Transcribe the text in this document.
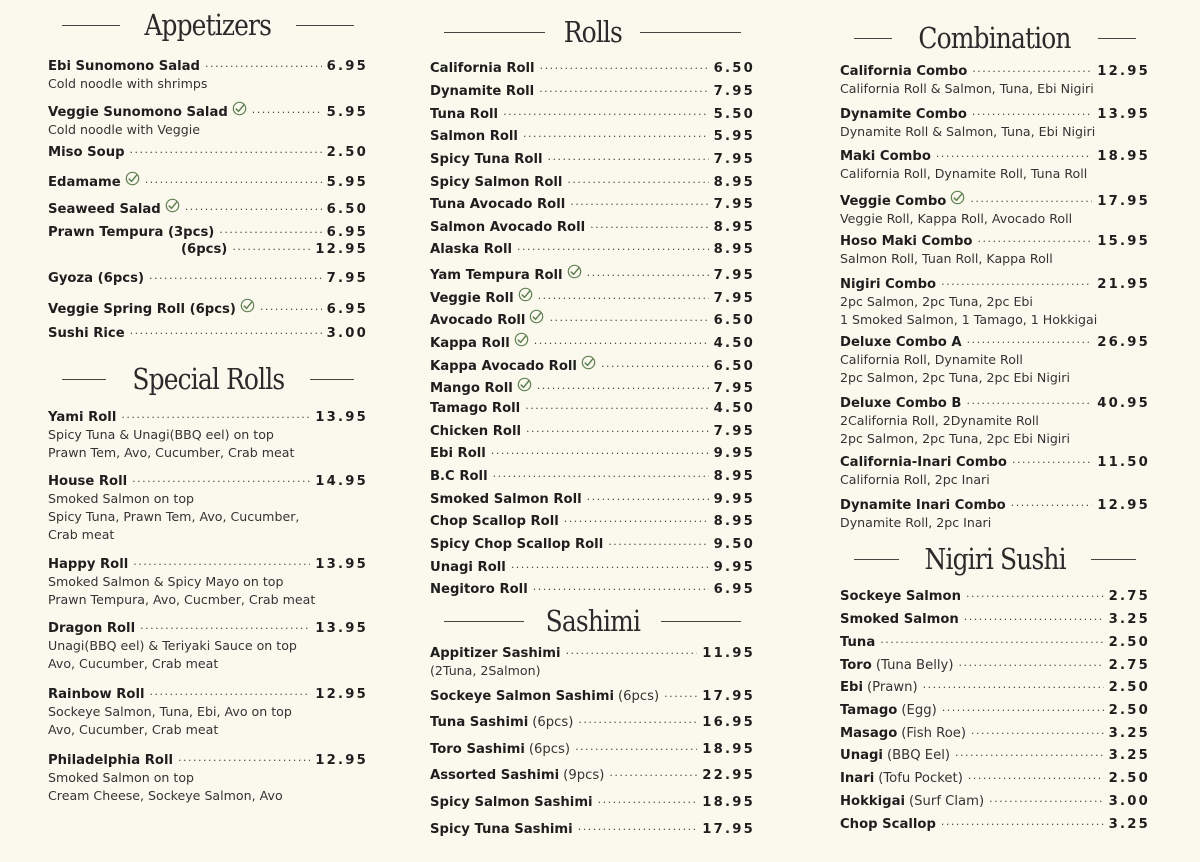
Appetizers
Ebi Sunomono Salad ·····	6.95
Cold noodle with shrimps
Veggie Sunomono Salad ·····	5.95
Cold noodle with Veggie
Miso Soup ·····	2.50
Edamame ·····	5.95
Seaweed Salad ·····	6.50
Prawn Tempura (3pcs) ·····	6.95
(6pcs) ·····	12.95
Gyoza (6pcs) ·····	7.95
Veggie Spring Roll (6pcs) ·····	6.95
Sushi Rice ·····	3.00
Special Rolls
Yami Roll ·····	13.95
Spicy Tuna & Unagi(BBQ eel) on top
Prawn Tem, Avo, Cucumber, Crab meat
House Roll ·····	14.95
Smoked Salmon on top
Spicy Tuna, Prawn Tem, Avo, Cucumber,
Crab meat
Happy Roll ·····	13.95
Smoked Salmon & Spicy Mayo on top
Prawn Tempura, Avo, Cucmber, Crab meat
Dragon Roll ·····	13.95
Unagi(BBQ eel) & Teriyaki Sauce on top
Avo, Cucumber, Crab meat
Rainbow Roll ·····	12.95
Sockeye Salmon, Tuna, Ebi, Avo on top
Avo, Cucumber, Crab meat
Philadelphia Roll ·····	12.95
Smoked Salmon on top
Cream Cheese, Sockeye Salmon, Avo
Rolls
California Roll ·····	6.50
Dynamite Roll ·····	7.95
Tuna Roll ·····	5.50
Salmon Roll ·····	5.95
Spicy Tuna Roll ·····	7.95
Spicy Salmon Roll ·····	8.95
Tuna Avocado Roll ·····	7.95
Salmon Avocado Roll ·····	8.95
Alaska Roll ·····	8.95
Yam Tempura Roll ·····	7.95
Veggie Roll ·····	7.95
Avocado Roll ·····	6.50
Kappa Roll ·····	4.50
Kappa Avocado Roll ·····	6.50
Mango Roll ·····	7.95
Tamago Roll ·····	4.50
Chicken Roll ·····	7.95
Ebi Roll ·····	9.95
B.C Roll ·····	8.95
Smoked Salmon Roll ·····	9.95
Chop Scallop Roll ·····	8.95
Spicy Chop Scallop Roll ·····	9.50
Unagi Roll ·····	9.95
Negitoro Roll ·····	6.95
Sashimi
Appitizer Sashimi ·····	11.95
(2Tuna, 2Salmon)
Sockeye Salmon Sashimi (6pcs) ·····	17.95
Tuna Sashimi (6pcs) ·····	16.95
Toro Sashimi (6pcs) ·····	18.95
Assorted Sashimi (9pcs) ·····	22.95
Spicy Salmon Sashimi ·····	18.95
Spicy Tuna Sashimi ·····	17.95
Combination
California Combo ·····	12.95
California Roll & Salmon, Tuna, Ebi Nigiri
Dynamite Combo ·····	13.95
Dynamite Roll & Salmon, Tuna, Ebi Nigiri
Maki Combo ·····	18.95
California Roll, Dynamite Roll, Tuna Roll
Veggie Combo ·····	17.95
Veggie Roll, Kappa Roll, Avocado Roll
Hoso Maki Combo ·····	15.95
Salmon Roll, Tuan Roll, Kappa Roll
Nigiri Combo ·····	21.95
2pc Salmon, 2pc Tuna, 2pc Ebi
1 Smoked Salmon, 1 Tamago, 1 Hokkigai
Deluxe Combo A ·····	26.95
California Roll, Dynamite Roll
2pc Salmon, 2pc Tuna, 2pc Ebi Nigiri
Deluxe Combo B ·····	40.95
2California Roll, 2Dynamite Roll
2pc Salmon, 2pc Tuna, 2pc Ebi Nigiri
California-Inari Combo ·····	11.50
California Roll, 2pc Inari
Dynamite Inari Combo ·····	12.95
Dynamite Roll, 2pc Inari
Nigiri Sushi
Sockeye Salmon ·····	2.75
Smoked Salmon ·····	3.25
Tuna ·····	2.50
Toro (Tuna Belly) ·····	2.75
Ebi (Prawn) ·····	2.50
Tamago (Egg) ·····	2.50
Masago (Fish Roe) ·····	3.25
Unagi (BBQ Eel) ·····	3.25
Inari (Tofu Pocket) ·····	2.50
Hokkigai (Surf Clam) ·····	3.00
Chop Scallop ·····	3.25
